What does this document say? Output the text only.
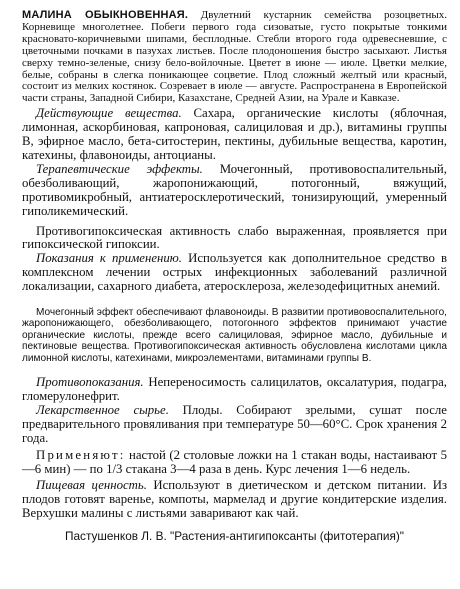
МАЛИНА ОБЫКНОВЕННАЯ. Двулетний кустарник семейства розоцветных. Корневище многолетнее. Побеги первого года сизоватые, густо покрытые тонкими красновато-коричневыми шипами, бесплодные. Стебли второго года одревесневшие, с цветочными почками в пазухах листьев. После плодоношения быстро засыхают. Листья сверху темно-зеленые, снизу бело-войлочные. Цветет в июне — июле. Цветки мелкие, белые, собраны в слегка поникающее соцветие. Плод сложный желтый или красный, состоит из мелких костянок. Созревает в июле — августе. Распространена в Европейской части страны, Западной Сибири, Казахстане, Средней Азии, на Урале и Кавказе.

Действующие вещества. Сахара, органические кислоты (яблочная, лимонная, аскорбиновая, капроновая, салициловая и др.), витамины группы В, эфирное масло, бета-ситостерин, пектины, дубильные вещества, каротин, катехины, флавоноиды, антоцианы.

Терапевтические эффекты. Мочегонный, противовоспалительный, обезболивающий, жаропонижающий, потогонный, вяжущий, противомикробный, антиатеросклеротический, тонизирующий, умеренный гиполикемический.

Противогипоксическая активность слабо выраженная, проявляется при гипоксической гипоксии.

Показания к применению. Используется как дополнительное средство в комплексном лечении острых инфекционных заболеваний различной локализации, сахарного диабета, атеросклероза, железодефицитных анемий.

Мочегонный эффект обеспечивают флавоноиды. В развитии противовоспалительного, жаропонижающего, обезболивающего, потогонного эффектов принимают участие органические кислоты, прежде всего салициловая, эфирное масло, дубильные и пектиновые вещества. Противогипоксическая активность обусловлена кислотами цикла лимонной кислоты, катехинами, микроэлементами, витаминами группы В.

Противопоказания. Непереносимость салицилатов, оксалатурия, подагра, гломерулонефрит.

Лекарственное сырье. Плоды. Собирают зрелыми, сушат после предварительного провяливания при температуре 50—60°С. Срок хранения 2 года.

Применяют: настой (2 столовые ложки на 1 стакан воды, настаивают 5—6 мин) — по 1/3 стакана 3—4 раза в день. Курс лечения 1—6 недель.

Пищевая ценность. Используют в диетическом и детском питании. Из плодов готовят варенье, компоты, мармелад и другие кондитерские изделия. Верхушки малины с листьями заваривают как чай.

Пастушенков Л. В. "Растения-антигипоксанты (фитотерапия)"
